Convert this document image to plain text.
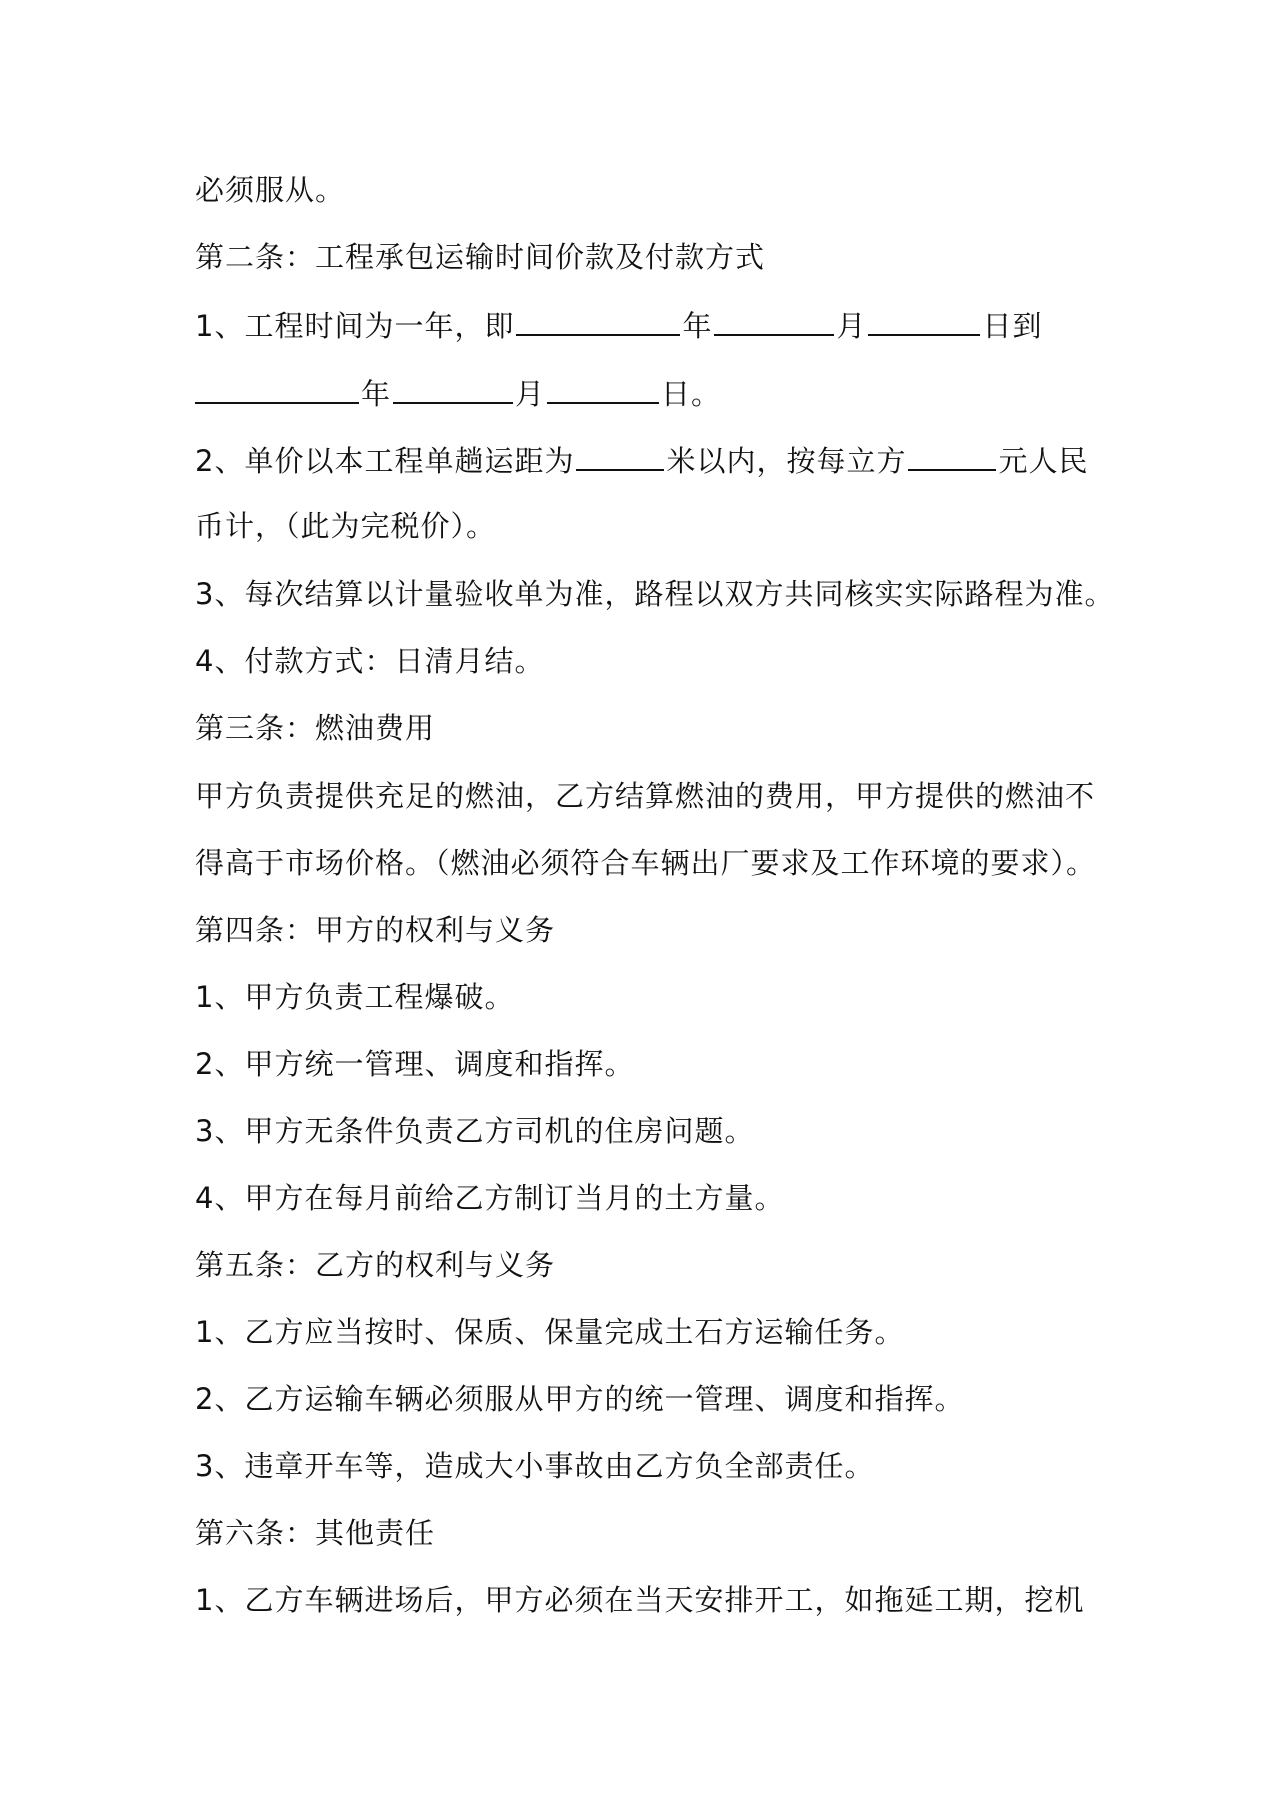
必须服从。
第二条：工程承包运输时间价款及付款方式
1、工程时间为一年，即	年	月	日到
年	月	日。
2、单价以本工程单趟运距为	米以内，按每立方	元人民
币计，（此为完税价）。
3、每次结算以计量验收单为准，路程以双方共同核实实际路程为准。
4、付款方式：日清月结。
第三条：燃油费用
甲方负责提供充足的燃油，乙方结算燃油的费用，甲方提供的燃油不
得高于市场价格。（燃油必须符合车辆出厂要求及工作环境的要求）。
第四条：甲方的权利与义务
1、甲方负责工程爆破。
2、甲方统一管理、调度和指挥。
3、甲方无条件负责乙方司机的住房问题。
4、甲方在每月前给乙方制订当月的土方量。
第五条：乙方的权利与义务
1、乙方应当按时、保质、保量完成土石方运输任务。
2、乙方运输车辆必须服从甲方的统一管理、调度和指挥。
3、违章开车等，造成大小事故由乙方负全部责任。
第六条：其他责任
1、乙方车辆进场后，甲方必须在当天安排开工，如拖延工期，挖机
